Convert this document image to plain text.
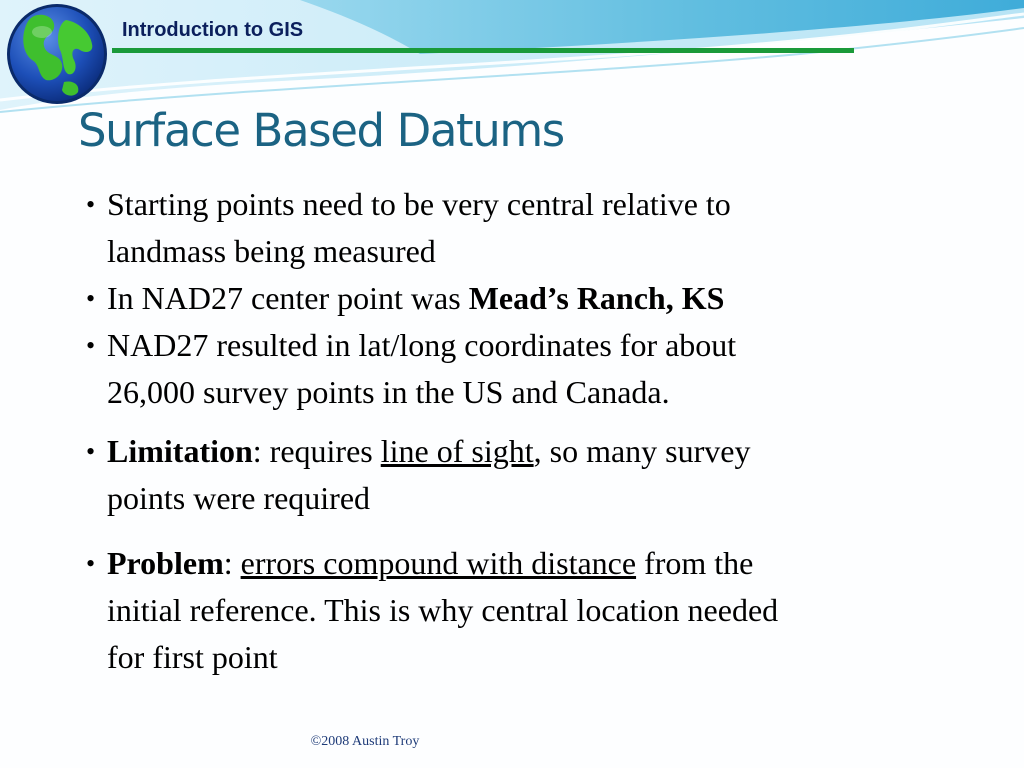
Introduction to GIS
Surface Based Datums
• Starting points need to be very central relative to
landmass being measured
• In NAD27 center point was Mead’s Ranch, KS
• NAD27 resulted in lat/long coordinates for about
26,000 survey points in the US and Canada.
• Limitation: requires line of sight, so many survey
points were required
• Problem: errors compound with distance from the
initial reference. This is why central location needed
for first point
©2008 Austin Troy
